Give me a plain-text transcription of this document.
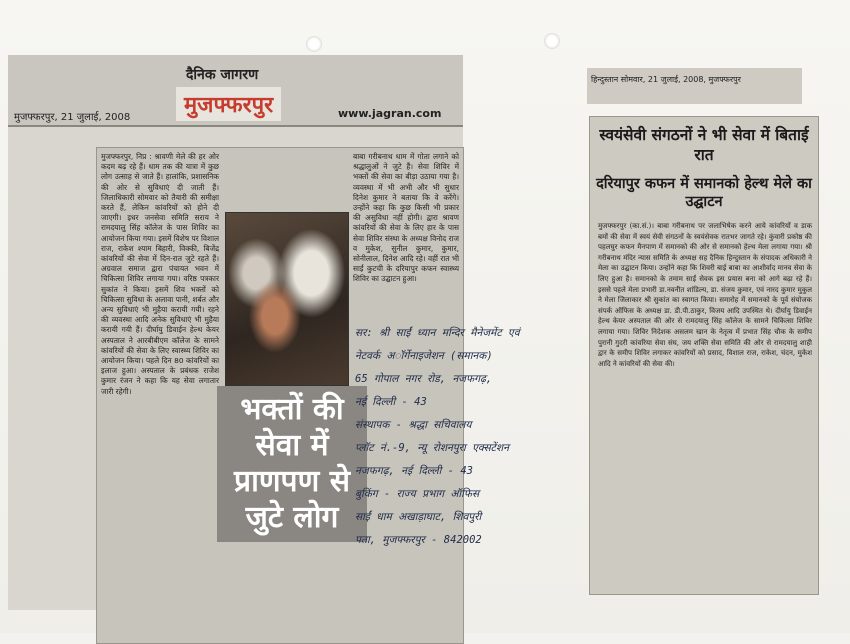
दैनिक जागरण
मुजफ्फरपुर
मुजफ्फरपुर, 21 जुलाई, 2008	www.jagran.com
मुजफ्फरपुर, निप्र : श्रावणी मेले की हर ओर कदम बढ़ रहे हैं। धाम तक की यात्रा में कुछ लोग उत्साह से जाते हैं। हालांकि, प्रशासनिक की ओर से सुविधाएं दी जाती हैं। जिलाधिकारी सोमवार को तैयारी की समीक्षा करते हैं, लेकिन कांवरियों को होने दी जाएगी। इधर जनसेवा समिति सराय ने रामदयालु सिंह कॉलेज के पास शिविर का आयोजन किया गया। इसमें विशेष पर विशाल राज, राकेश श्याम बिहारी, विक्की, बिजेंद्र कांवरियों की सेवा में दिन-रात जुटे रहते हैं। अग्रवाल समाज द्वारा पंचायत भवन में चिकित्सा शिविर लगाया गया। वरिष्ठ पत्रकार सुकांत ने किया। इसमें शिव भक्तों को चिकित्सा सुविधा के अलावा पानी, शर्बत और अन्य सुविधाएं भी मुहैया करायी गयी। रहने की व्यवस्था आदि अनेक सुविधाएं भी मुहैया करायी गयी हैं। दीर्घायु डिवाईन हेल्थ केयर अस्पताल ने आरबीबीएम कॉलेज के सामने कांवरियों की सेवा के लिए स्वास्थ्य शिविर का आयोजन किया। पहले दिन 80 कांवरियों का इलाज हुआ। अस्पताल के प्रबंधक राजेश कुमार रंजन ने कहा कि यह सेवा लगातार जारी रहेगी।
बाबा गरीबनाथ धाम में गोता लगाने को श्रद्धालुओं ने जुटे हैं। सेवा शिविर में भक्तों की सेवा का बीड़ा उठाया गया है। व्यवस्था में भी अभी और भी सुधार दिनेश कुमार ने बताया कि वे करेंगे। उन्होंने कहा कि कुछ किसी भी प्रकार की असुविधा नहीं होगी। द्वारा श्रावण कांवरियों की सेवा के लिए हार के पास सेवा शिविर संस्था के अध्यक्ष विनोद राज व मुकेश, सुनील कुमार, कुमार, सोनीलाल, दिनेश आदि रहे। वहीं रात भी साईं कुटची के दरियापुर कफन स्वास्थ्य शिविर का उद्घाटन हुआ।
भक्तों की सेवा में प्राणपण से जुटे लोग
सर: श्री साईं ध्यान मन्दिर मैनेजमेंट एवं
नेटवर्क अॉर्गेनाइजेशन (समानक)
65 गोपाल नगर रोड, नजफगढ़,
नई दिल्ली - 43
संस्थापक - श्रद्धा सचिवालय
प्लॉट नं.-9, न्यू रोशनपुरा एक्सटेंशन
नजफगढ़, नई दिल्ली - 43
बुकिंग - राज्य प्रभाग ऑफिस
साईं धाम अखाड़ाघाट, शिवपुरी
पता, मुजफ्फरपुर - 842002
हिन्दुस्तान सोमवार, 21 जुलाई, 2008, मुजफ्फरपुर
स्वयंसेवी संगठनों ने भी सेवा में बिताई रात
दरियापुर कफन में समानको हेल्थ मेले का उद्घाटन
मुजफ्फरपुर (का.सं.)। बाबा गरीबनाथ पर जलाभिषेक करने आये कांवरियों व डाक बमों की सेवा में स्वयं सेवी संगठनों के स्वयंसेवक रातभर जागते रहे। कुंवारी प्रकोष्ठ की पहलघुर कफन मैनपाण में समानको की ओर से समानको हेल्थ मेला लगाया गया। श्री गरीबनाथ मंदिर न्यास समिति के अध्यक्ष सह दैनिक हिन्दुस्तान के संपादक अधिकारी ने मेला का उद्घाटन किया। उन्होंने कहा कि शिवरी बाई बाबा का आशीर्वाद मानव सेवा के लिए हुआ है। समानको के तमाम साईं सेवक इस प्रयास बना को आगे बढ़ा रहे हैं। इससे पहले मेला प्रभारी डा.नवनीत शांडिल्य, डा. संजय कुमार, एवं नारद कुमार मुकुल ने मेला जिलाकार श्री सुकांत का स्वागत किया। समारोह में समानको के पूर्व संयोजक संपर्क ऑफिस के अध्यक्ष डा. डी.पी.ठाकुर, विजय आदि उपस्थित थे। दीर्घायु डिवाईन हेल्थ केयर अस्पताल की ओर से रामदयालु सिंह कॉलेज के सामने चिकित्सा शिविर लगाया गया। शिविर निदेशक असलम खान के नेतृत्व में प्रभात सिंह चौक के समीप पुरानी गुदरी कांवरिया सेवा संघ, जय शक्ति सेवा समिति की ओर से रामदयालु शाही द्वार के समीप शिविर लगाकर कांवरियों को प्रसाद, विशाल राज, राकेश, चंदन, मुकेश आदि ने कांवरियों की सेवा की।
